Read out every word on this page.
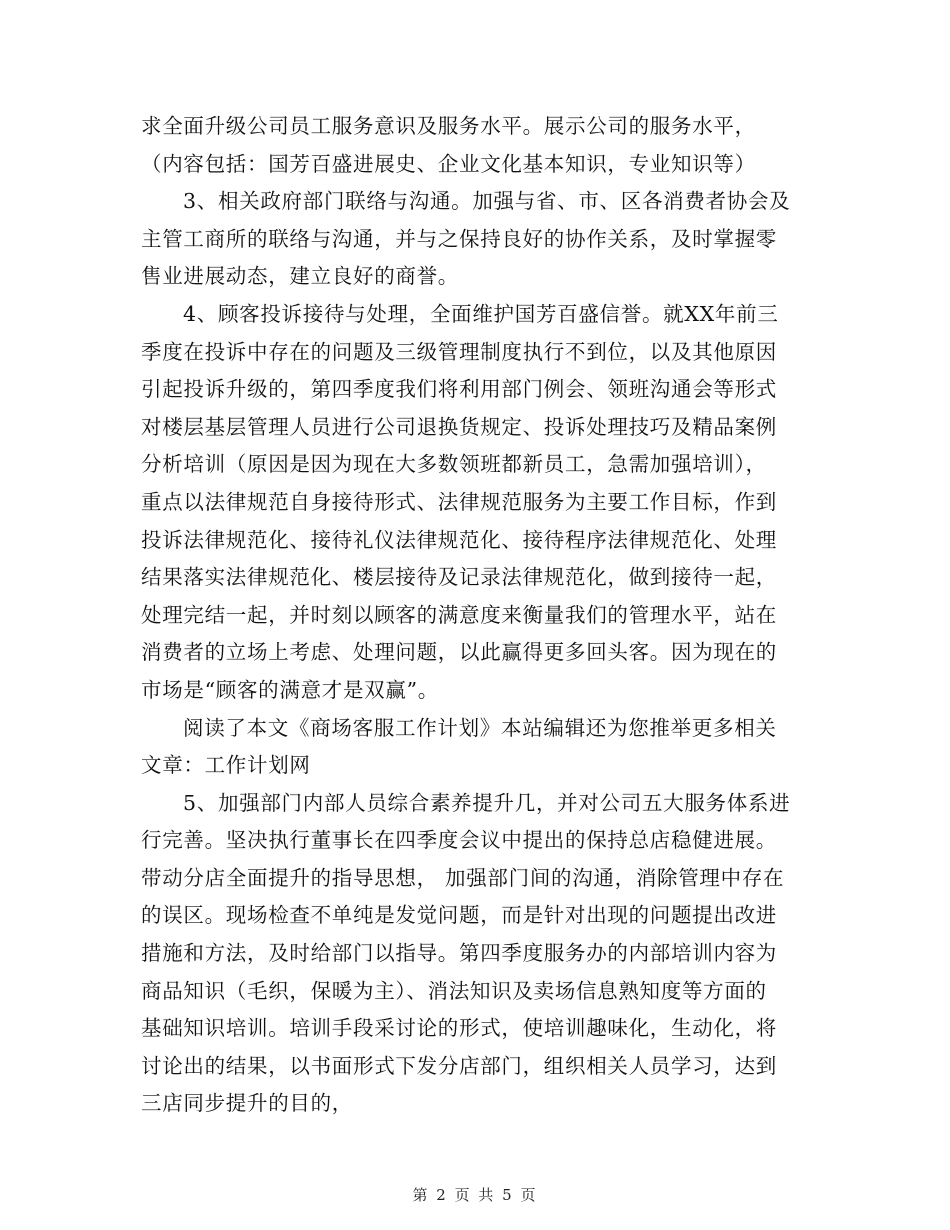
求全面升级公司员工服务意识及服务水平。展示公司的服务水平，
（内容包括：国芳百盛进展史、企业文化基本知识，专业知识等）
3、相关政府部门联络与沟通。加强与省、市、区各消费者协会及
主管工商所的联络与沟通，并与之保持良好的协作关系，及时掌握零
售业进展动态，建立良好的商誉。
4、顾客投诉接待与处理，全面维护国芳百盛信誉。就XX年前三
季度在投诉中存在的问题及三级管理制度执行不到位，以及其他原因
引起投诉升级的，第四季度我们将利用部门例会、领班沟通会等形式
对楼层基层管理人员进行公司退换货规定、投诉处理技巧及精品案例
分析培训（原因是因为现在大多数领班都新员工，急需加强培训），
重点以法律规范自身接待形式、法律规范服务为主要工作目标，作到
投诉法律规范化、接待礼仪法律规范化、接待程序法律规范化、处理
结果落实法律规范化、楼层接待及记录法律规范化，做到接待一起，
处理完结一起，并时刻以顾客的满意度来衡量我们的管理水平，站在
消费者的立场上考虑、处理问题，以此赢得更多回头客。因为现在的
市场是“顾客的满意才是双赢”。
阅读了本文《商场客服工作计划》本站编辑还为您推举更多相关
文章：工作计划网
5、加强部门内部人员综合素养提升几，并对公司五大服务体系进
行完善。坚决执行董事长在四季度会议中提出的保持总店稳健进展。
带动分店全面提升的指导思想， 加强部门间的沟通，消除管理中存在
的误区。现场检查不单纯是发觉问题，而是针对出现的问题提出改进
措施和方法，及时给部门以指导。第四季度服务办的内部培训内容为
商品知识（毛织，保暖为主）、消法知识及卖场信息熟知度等方面的
基础知识培训。培训手段采讨论的形式，使培训趣味化，生动化，将
讨论出的结果，以书面形式下发分店部门，组织相关人员学习，达到
三店同步提升的目的，
第 2 页 共 5 页
